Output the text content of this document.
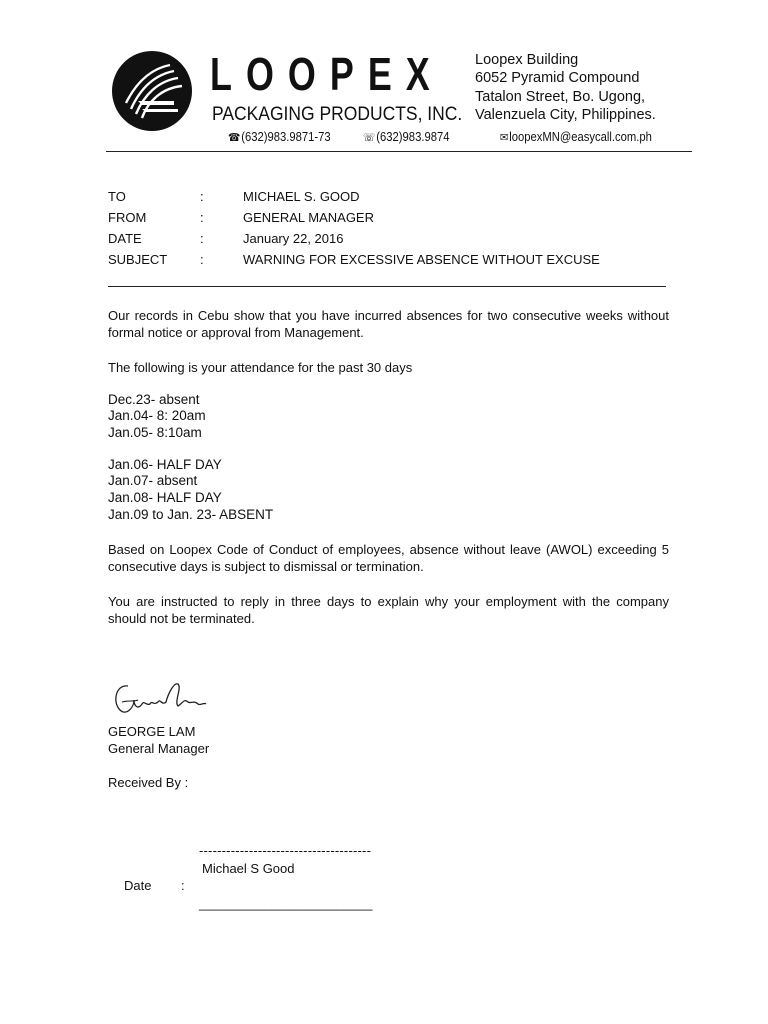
LOOPEX
PACKAGING PRODUCTS, INC.
Loopex Building
6052 Pyramid Compound
Tatalon Street, Bo. Ugong,
Valenzuela City, Philippines.
☎(632)983.9871-73	☏(632)983.9874	✉loopexMN@easycall.com.ph
TO	:	MICHAEL S. GOOD
FROM	:	GENERAL MANAGER
DATE	:	January 22, 2016
SUBJECT	:	WARNING FOR EXCESSIVE ABSENCE WITHOUT EXCUSE
Our records in Cebu show that you have incurred absences for two consecutive weeks without formal notice or approval from Management.
The following is your attendance for the past 30 days
Dec.23- absent
Jan.04- 8: 20am
Jan.05- 8:10am
Jan.06- HALF DAY
Jan.07- absent
Jan.08- HALF DAY
Jan.09 to Jan. 23- ABSENT
Based on Loopex Code of Conduct of employees, absence without leave (AWOL) exceeding 5 consecutive days is subject to dismissal or termination.
You are instructed to reply in three days to explain why your employment with the company should not be terminated.
GEORGE LAM
General Manager
Received By :
--------------------------------------
Michael S Good
Date :
________________________
